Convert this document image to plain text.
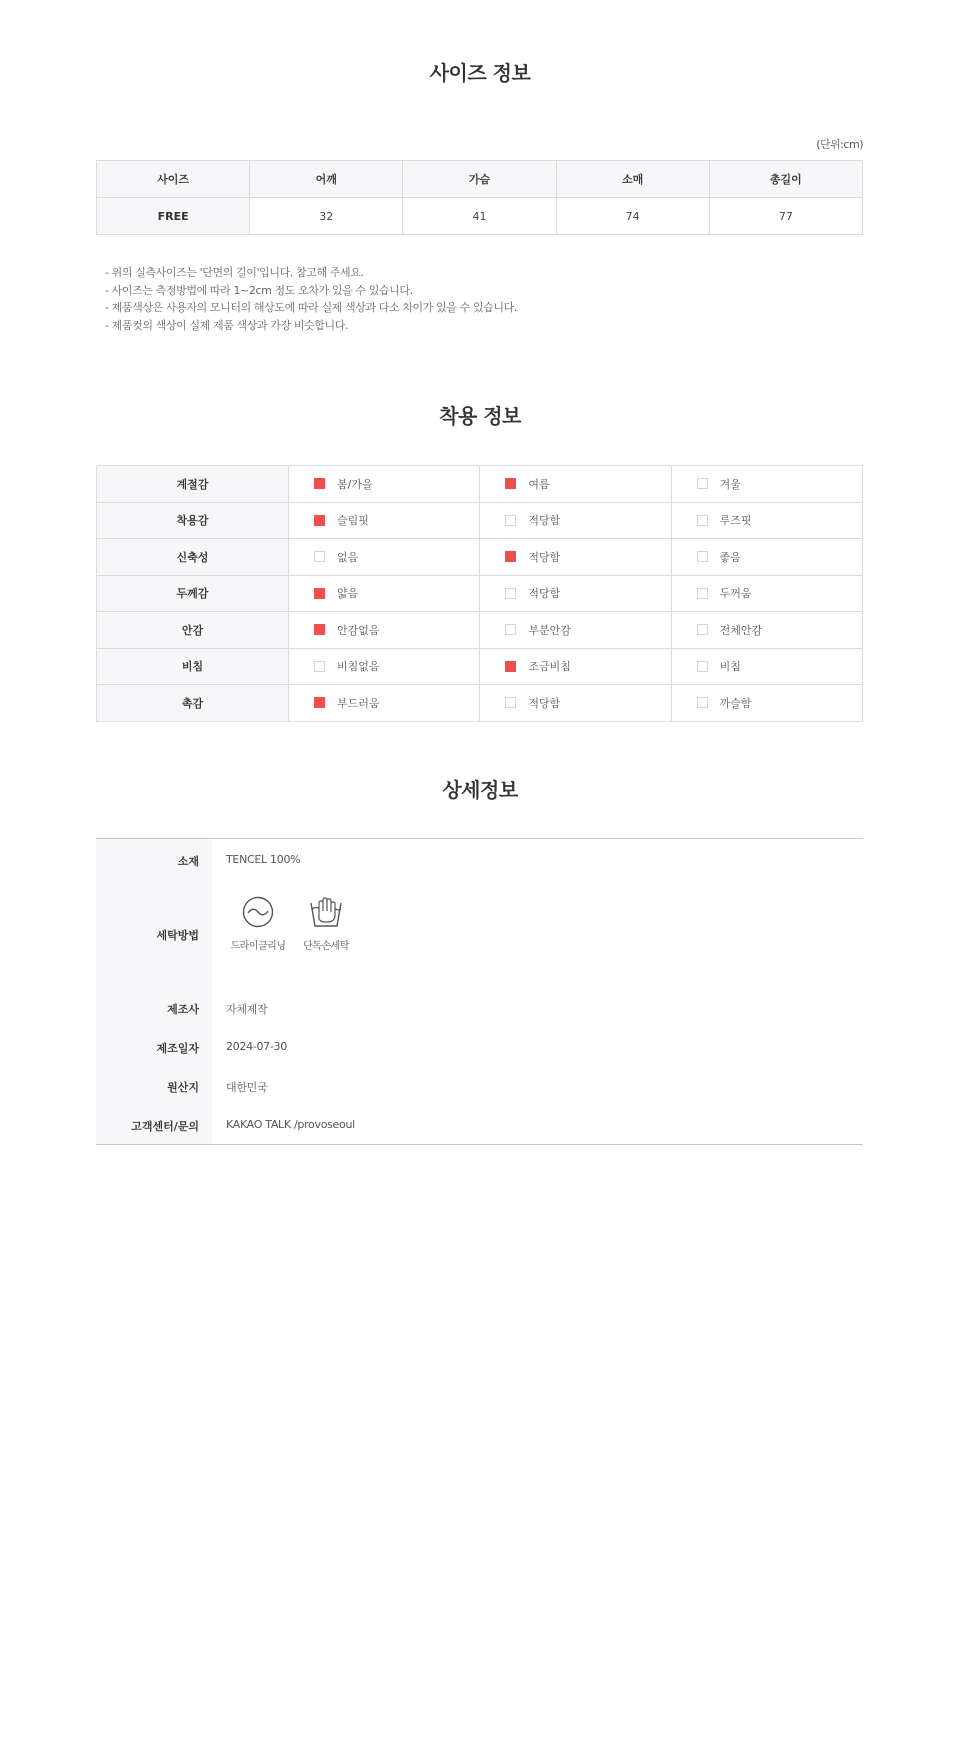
사이즈 정보
(단위:cm)
사이즈	어깨	가슴	소매	총길이
FREE	32	41	74	77
- 위의 실측사이즈는 '단면의 길이'입니다. 참고해 주세요.
- 사이즈는 측정방법에 따라 1~2cm 정도 오차가 있을 수 있습니다.
- 제품색상은 사용자의 모니터의 해상도에 따라 실제 색상과 다소 차이가 있을 수 있습니다.
- 제품컷의 색상이 실제 제품 색상과 가장 비슷합니다.
착용 정보
계절감	봄/가을	여름	겨울

착용감	슬림핏	적당함	루즈핏

신축성	없음	적당함	좋음

두께감	얇음	적당함	두꺼움

안감	안감없음	부분안감	전체안감

비침	비침없음	조금비침	비침

촉감	부드러움	적당함	까슬함
상세정보
소재	TENCEL 100%
세탁방법
드라이클리닝 단독손세탁
제조사	자체제작
제조일자	2024-07-30
원산지	대한민국
고객센터/문의	KAKAO TALK /provoseoul
